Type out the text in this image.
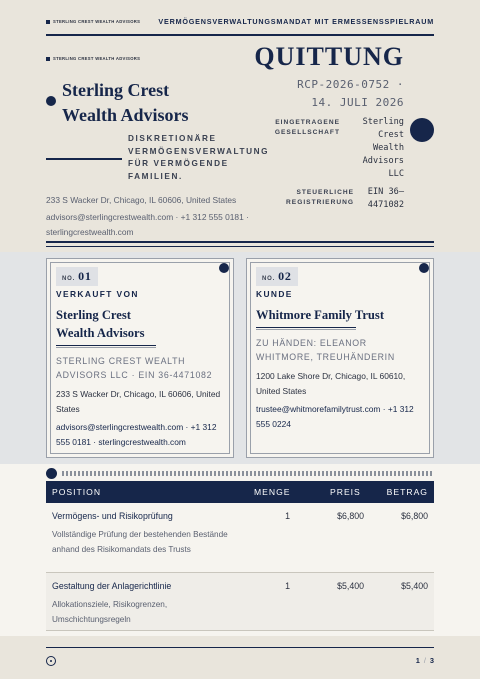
STERLING CREST WEALTH ADVISORS	VERMÖGENSVERWALTUNGSMANDAT MIT ERMESSENSSPIELRAUM
STERLING CREST WEALTH ADVISORS
Sterling Crest
Wealth Advisors
DISKRETIONÄRE VERMÖGENSVERWALTUNG FÜR VERMÖGENDE FAMILIEN.
233 S Wacker Dr, Chicago, IL 60606, United States
advisors@sterlingcrestwealth.com · +1 312 555 0181 · sterlingcrestwealth.com
QUITTUNG
RCP-2026-0752 ·
14. JULI 2026
EINGETRAGENE
GESELLSCHAFT
Sterling
Crest
Wealth
Advisors
LLC
STEUERLICHE
REGISTRIERUNG
EIN 36–
4471082
NO. 01
VERKAUFT VON
Sterling Crest
Wealth Advisors
STERLING CREST WEALTH ADVISORS LLC · EIN 36-4471082
233 S Wacker Dr, Chicago, IL 60606, United States
advisors@sterlingcrestwealth.com · +1 312 555 0181 · sterlingcrestwealth.com
NO. 02
KUNDE
Whitmore Family Trust
ZU HÄNDEN: ELEANOR WHITMORE, TREUHÄNDERIN
1200 Lake Shore Dr, Chicago, IL 60610, United States
trustee@whitmorefamilytrust.com · +1 312 555 0224
POSITION	MENGE	PREIS	BETRAG
Vermögens- und Risikoprüfung
Vollständige Prüfung der bestehenden Bestände anhand des Risikomandats des Trusts
1	$6,800	$6,800
Gestaltung der Anlagerichtlinie
Allokationsziele, Risikogrenzen, Umschichtungsregeln
1	$5,400	$5,400
1 / 3
